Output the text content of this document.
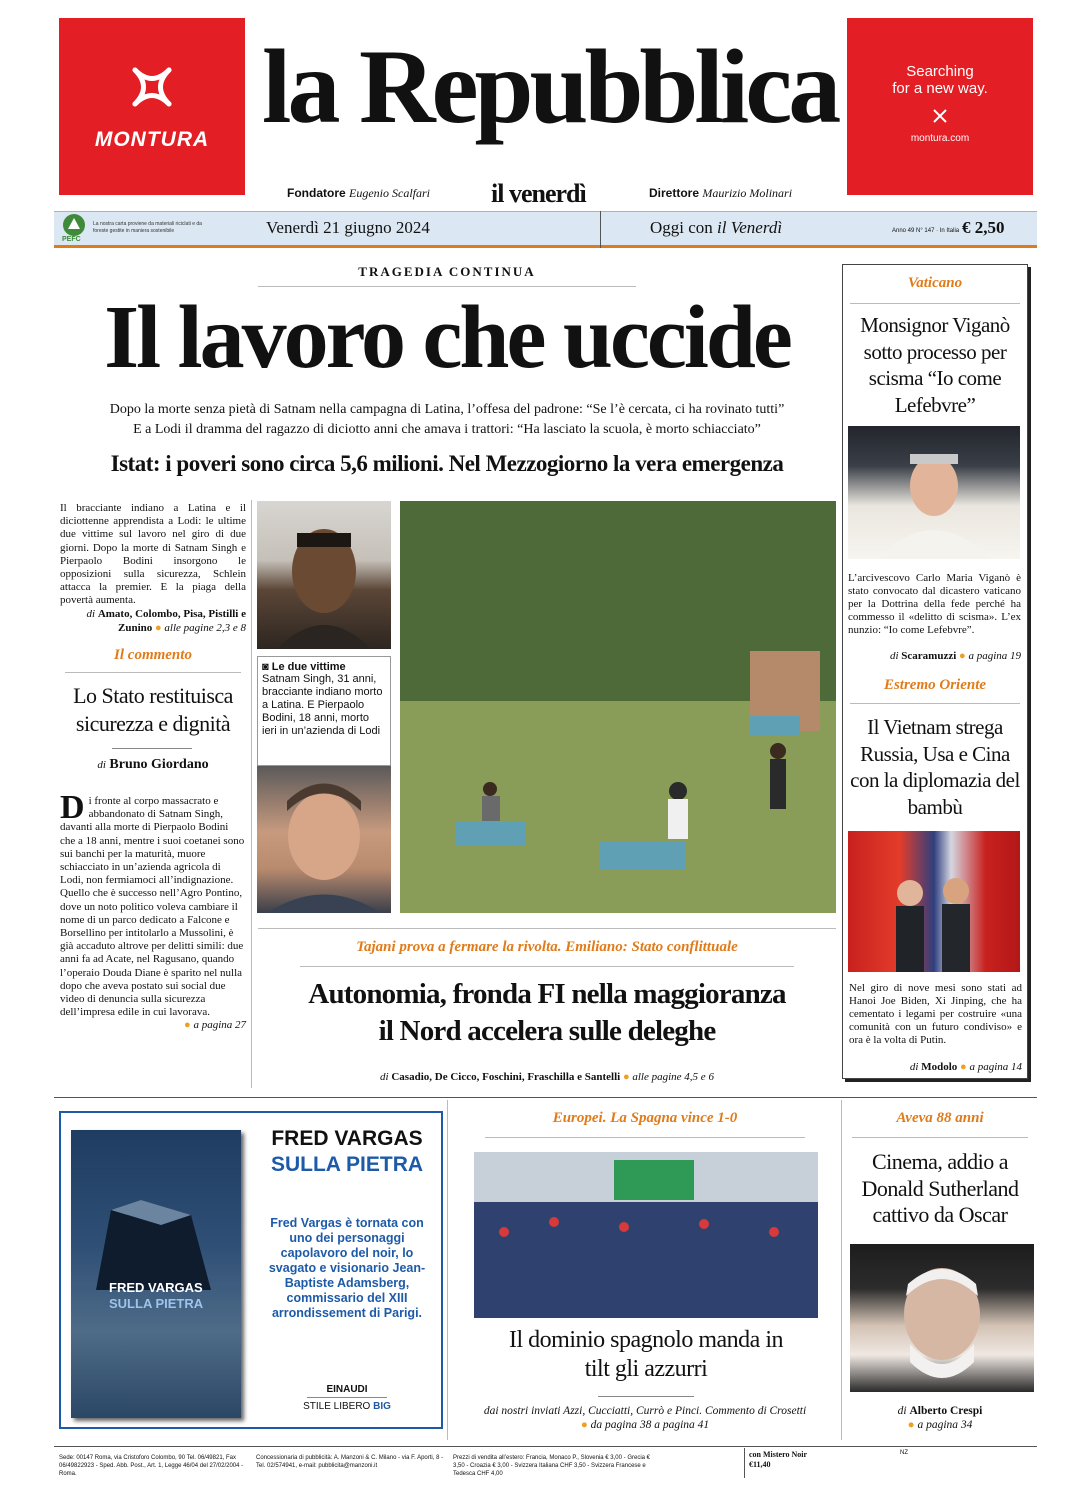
MONTURA la Repubblica	Searching
for a new way.
montura.com
Fondatore Eugenio Scalfari il venerdì	Direttore Maurizio Molinari
PEFC
La nostra carta proviene da materiali riciclati e da foreste gestite in maniera sostenibile	Venerdì 21 giugno 2024	Oggi con il Venerdì	Anno 49 N° 147 · In Italia € 2,50
TRAGEDIA CONTINUA
Il lavoro che uccide
Dopo la morte senza pietà di Satnam nella campagna di Latina, l’offesa del padrone: “Se l’è cercata, ci ha rovinato tutti”
E a Lodi il dramma del ragazzo di diciotto anni che amava i trattori: “Ha lasciato la scuola, è morto schiacciato”
Istat: i poveri sono circa 5,6 milioni. Nel Mezzogiorno la vera emergenza
Il bracciante indiano a Latina e il diciottenne apprendista a Lodi: le ultime due vittime sul lavoro nel giro di due giorni. Dopo la morte di Satnam Singh e Pierpaolo Bodini insorgono le opposizioni sulla sicurezza, Schlein attacca la premier. E la piaga della povertà aumenta.
di Amato, Colombo, Pisa, Pistilli e Zunino ● alle pagine 2,3 e 8
◙ Le due vittime
Satnam Singh, 31 anni, bracciante indiano morto a Latina. E Pierpaolo Bodini, 18 anni, morto ieri in un’azienda di Lodi
Il commento
Lo Stato restituisca sicurezza e dignità
di Bruno Giordano
D i fronte al corpo massacrato e abbandonato di Satnam Singh, davanti alla morte di Pierpaolo Bodini che a 18 anni, mentre i suoi coetanei sono sui banchi per la maturità, muore schiacciato in un’azienda agricola di Lodi, non fermiamoci all’indignazione. Quello che è successo nell’Agro Pontino, dove un noto politico voleva cambiare il nome di un parco dedicato a Falcone e Borsellino per intitolarlo a Mussolini, è già accaduto altrove per delitti simili: due anni fa ad Acate, nel Ragusano, quando l’operaio Douda Diane è sparito nel nulla dopo che aveva postato sui social due video di denuncia sulla sicurezza dell’impresa edile in cui lavorava.
● a pagina 27
Tajani prova a fermare la rivolta. Emiliano: Stato conflittuale
Autonomia, fronda FI nella maggioranza
il Nord accelera sulle deleghe
di Casadio, De Cicco, Foschini, Fraschilla e Santelli ● alle pagine 4,5 e 6
Vaticano
Monsignor Viganò sotto processo per scisma “Io come Lefebvre”
L’arcivescovo Carlo Maria Viganò è stato convocato dal dicastero vaticano per la Dottrina della fede perché ha commesso il «delitto di scisma». L’ex nunzio: “Io come Lefebvre”.
di Scaramuzzi ● a pagina 19
Estremo Oriente
Il Vietnam strega Russia, Usa e Cina con la diplomazia del bambù
Nel giro di nove mesi sono stati ad Hanoi Joe Biden, Xi Jinping, che ha cementato i legami per costruire «una comunità con un futuro condiviso» e ora è la volta di Putin.
di Modolo ● a pagina 14
FRED VARGAS
SULLA PIETRA
FRED VARGAS
SULLA PIETRA
Fred Vargas è tornata con uno dei personaggi capolavoro del noir, lo svagato e visionario Jean-Baptiste Adamsberg, commissario del XIII arrondissement di Parigi.
EINAUDI
STILE LIBERO BIG
Europei. La Spagna vince 1-0
Il dominio spagnolo manda in tilt gli azzurri
dai nostri inviati Azzi, Cucciatti, Currò e Pinci. Commento di Crosetti
● da pagina 38 a pagina 41
Aveva 88 anni
Cinema, addio a Donald Sutherland cattivo da Oscar
di Alberto Crespi
● a pagina 34
Sede: 00147 Roma, via Cristoforo Colombo, 90 Tel. 06/49821, Fax 06/49822923 - Sped. Abb. Post., Art. 1, Legge 46/04 del 27/02/2004 - Roma.
Concessionaria di pubblicità: A. Manzoni & C. Milano - via F. Aporti, 8 - Tel. 02/574941, e-mail: pubblicita@manzoni.it
Prezzi di vendita all’estero: Francia, Monaco P., Slovenia € 3,00 - Grecia € 3,50 - Croazia € 3,00 - Svizzera Italiana CHF 3,50 - Svizzera Francese e Tedesca CHF 4,00
con Mistero Noir €11,40
NZ
